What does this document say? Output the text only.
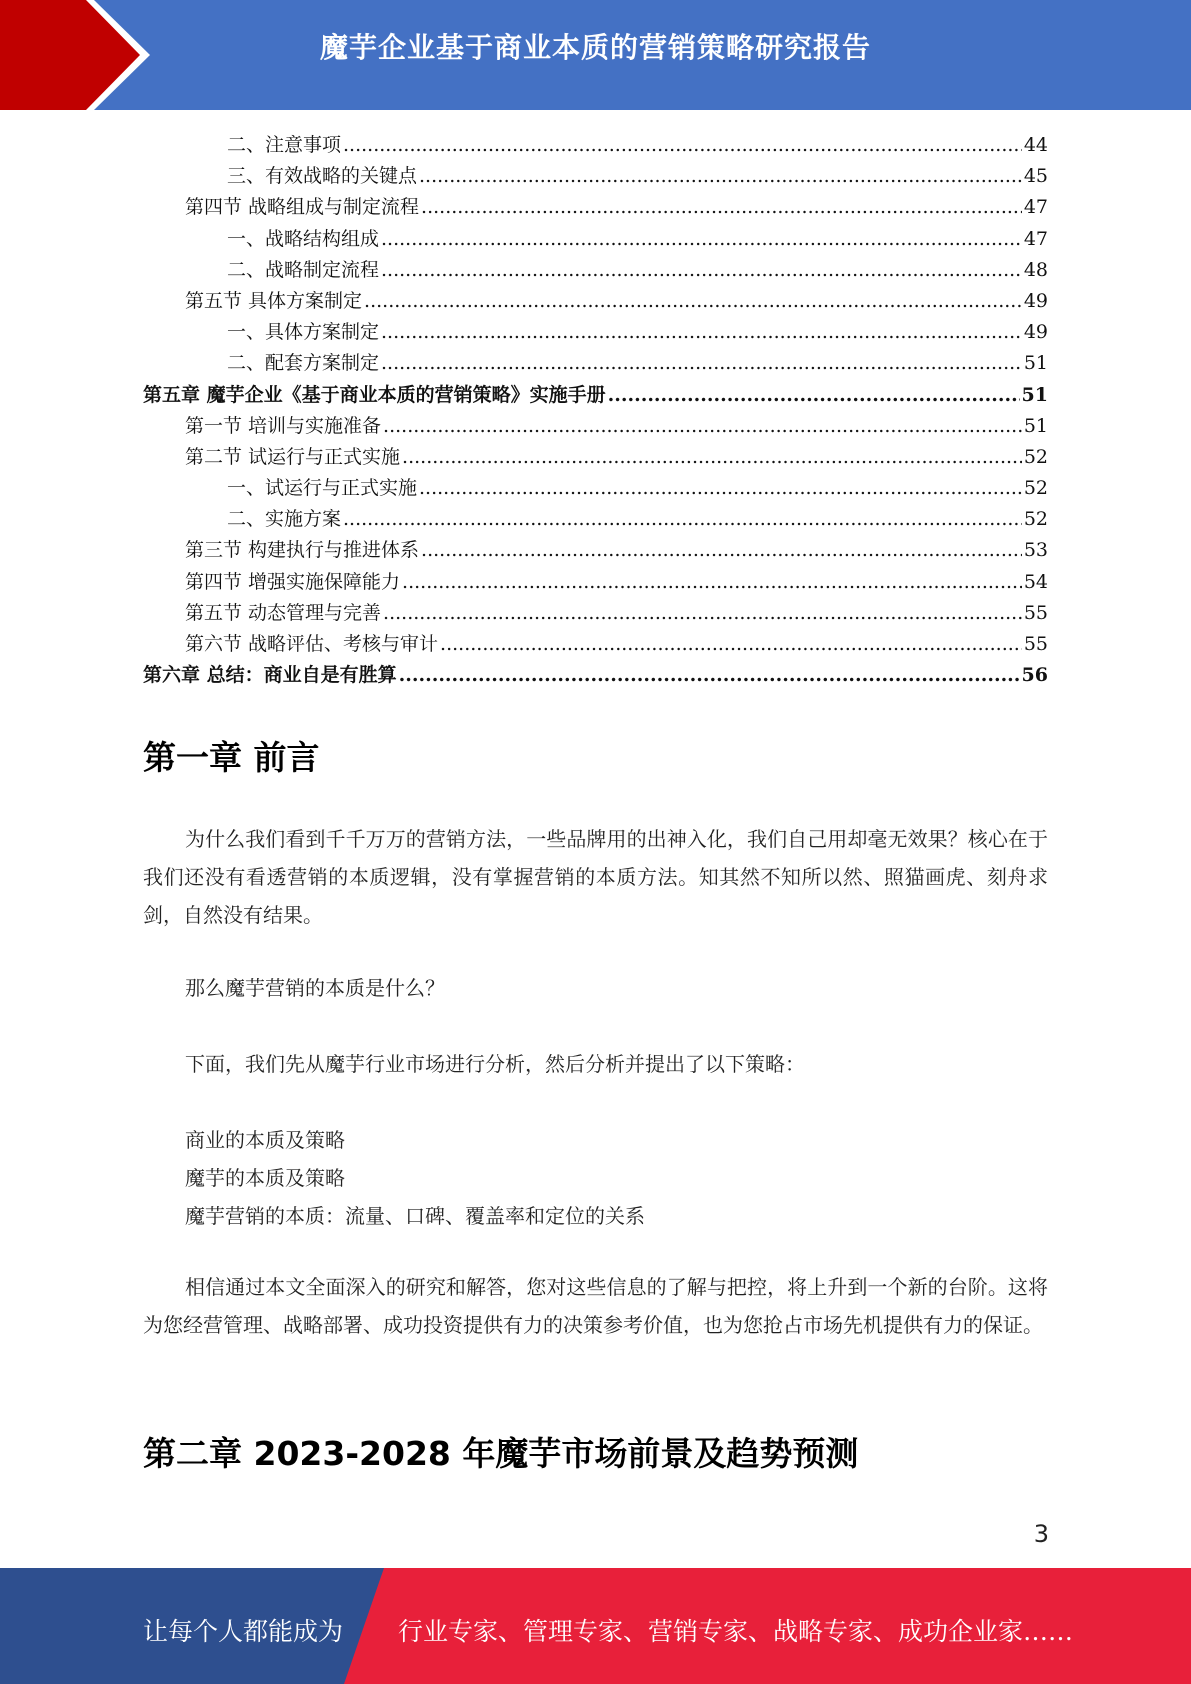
魔芋企业基于商业本质的营销策略研究报告
二、注意事项 .....	44
三、有效战略的关键点 .....	45
第四节 战略组成与制定流程 .....	47
一、战略结构组成 .....	47
二、战略制定流程 .....	48
第五节 具体方案制定 .....	49
一、具体方案制定 .....	49
二、配套方案制定 .....	51
第五章 魔芋企业《基于商业本质的营销策略》实施手册 .....	51
第一节 培训与实施准备 .....	51
第二节 试运行与正式实施 .....	52
一、试运行与正式实施 .....	52
二、实施方案 .....	52
第三节 构建执行与推进体系 .....	53
第四节 增强实施保障能力 .....	54
第五节 动态管理与完善 .....	55
第六节 战略评估、考核与审计 .....	55
第六章 总结：商业自是有胜算 .....	56
第一章 前言
为什么我们看到千千万万的营销方法，一些品牌用的出神入化，我们自己用却毫无效果？核心在于我们还没有看透营销的本质逻辑，没有掌握营销的本质方法。知其然不知所以然、照猫画虎、刻舟求剑，自然没有结果。
那么魔芋营销的本质是什么？
下面，我们先从魔芋行业市场进行分析，然后分析并提出了以下策略：
商业的本质及策略
魔芋的本质及策略
魔芋营销的本质：流量、口碑、覆盖率和定位的关系
相信通过本文全面深入的研究和解答，您对这些信息的了解与把控，将上升到一个新的台阶。这将为您经营管理、战略部署、成功投资提供有力的决策参考价值，也为您抢占市场先机提供有力的保证。
第二章 2023-2028 年魔芋市场前景及趋势预测
3
让每个人都能成为 行业专家、管理专家、营销专家、战略专家、成功企业家……
